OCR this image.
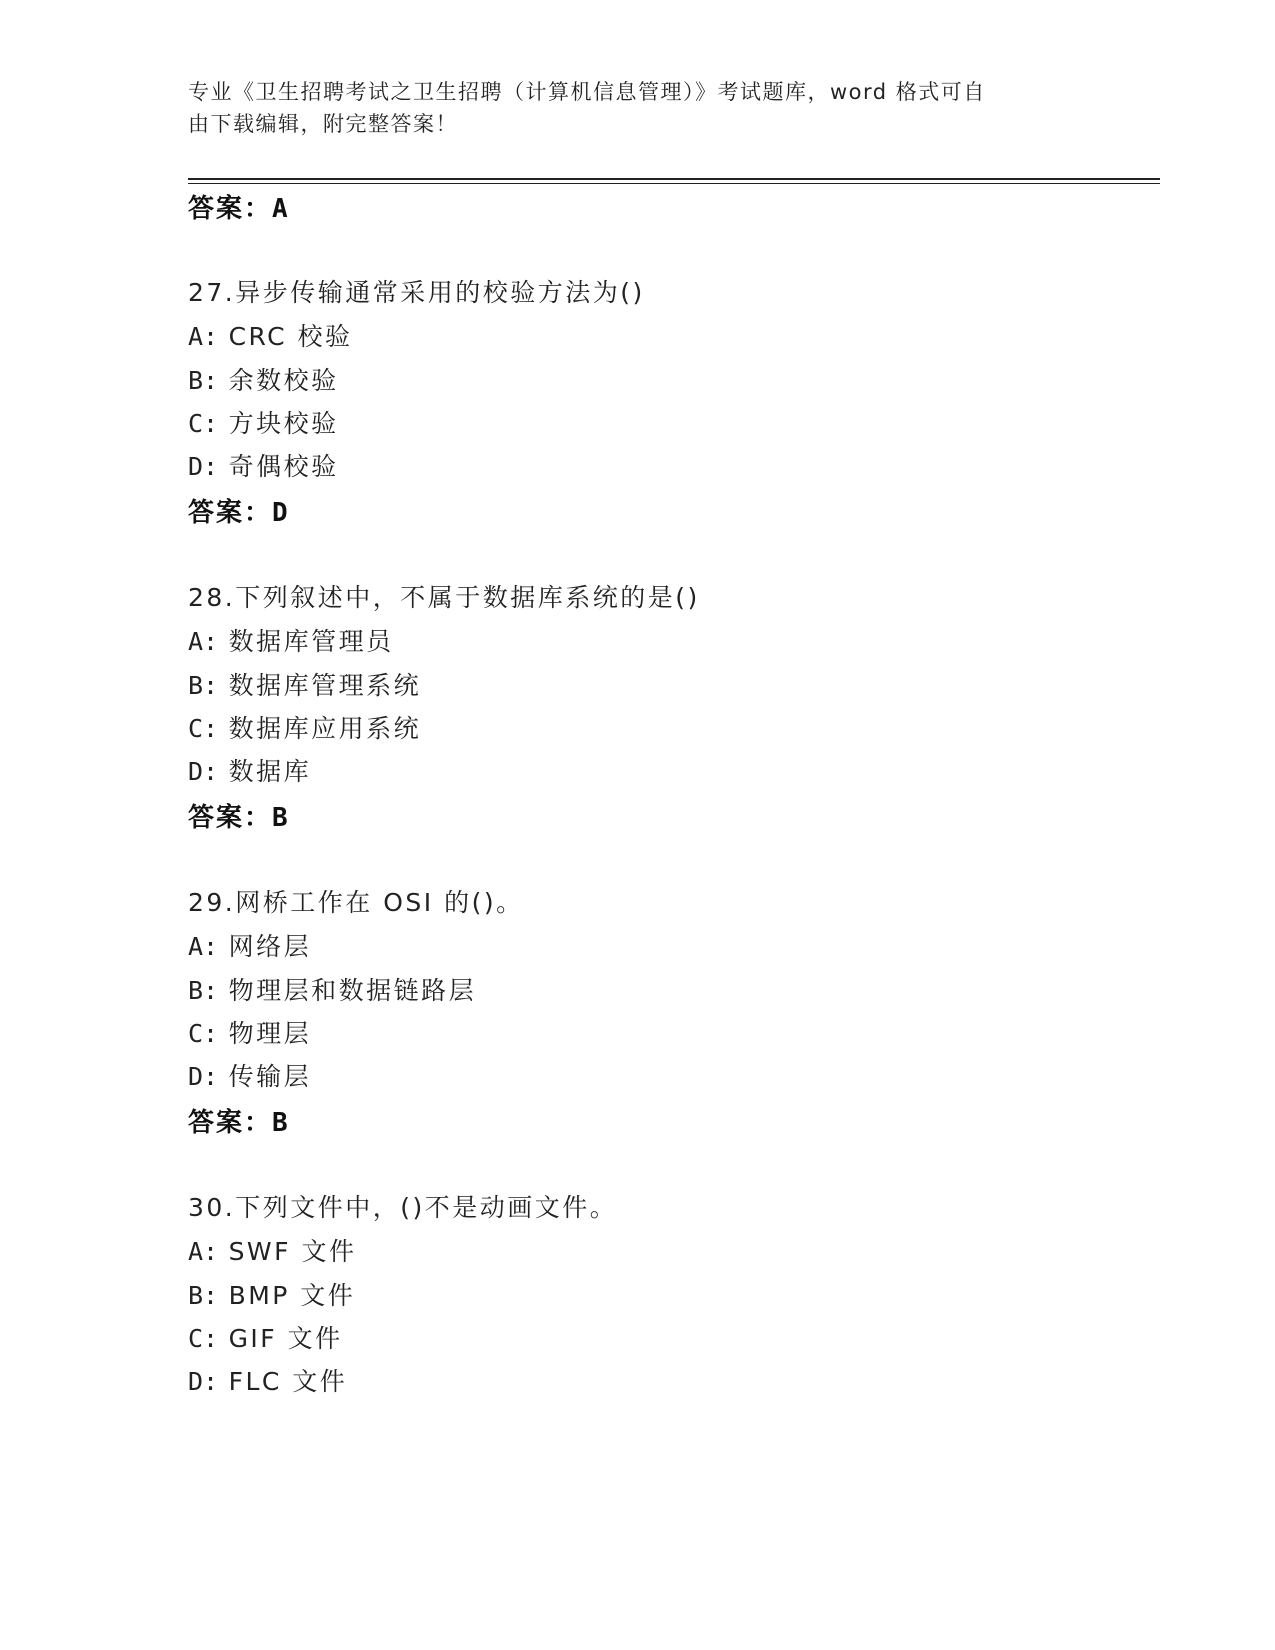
专业《卫生招聘考试之卫生招聘（计算机信息管理）》考试题库，word 格式可自
由下载编辑，附完整答案！
答案：A
27.异步传输通常采用的校验方法为()
A: CRC 校验
B: 余数校验
C: 方块校验
D: 奇偶校验
答案：D
28.下列叙述中，不属于数据库系统的是()
A: 数据库管理员
B: 数据库管理系统
C: 数据库应用系统
D: 数据库
答案：B
29.网桥工作在 OSI 的()。
A: 网络层
B: 物理层和数据链路层
C: 物理层
D: 传输层
答案：B
30.下列文件中，()不是动画文件。
A: SWF 文件
B: BMP 文件
C: GIF 文件
D: FLC 文件
